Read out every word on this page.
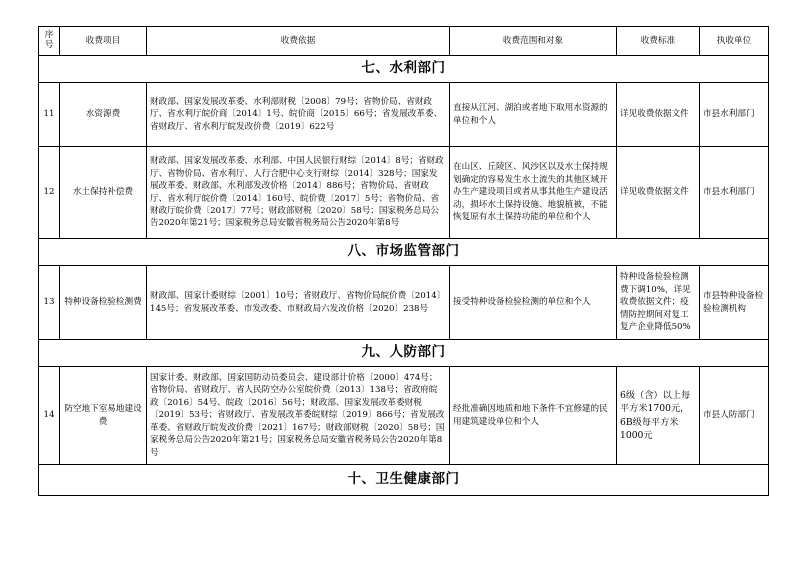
序号	收费项目	收费依据	收费范围和对象	收费标准	执收单位
七、水利部门					
11	水资源费	财政部、国家发展改革委、水利部财税〔2008〕79号；省物价局、省财政厅、省水利厅皖价商〔2014〕1号、皖价商〔2015〕66号；省发展改革委、省财政厅、省水利厅皖发改价费〔2019〕622号	直接从江河、湖泊或者地下取用水资源的单位和个人	详见收费依据文件	市县水利部门
12	水土保持补偿费	财政部、国家发展改革委、水利部、中国人民银行财综〔2014〕8号；省财政厅、省物价局、省水利厅、人行合肥中心支行财综〔2014〕328号；国家发展改革委、财政部、水利部发改价格〔2014〕886号；省物价局、省财政厅、省水利厅皖价费〔2014〕160号、皖价费〔2017〕5号；省物价局、省财政厅皖价费〔2017〕77号；财政部财税〔2020〕58号；国家税务总局公告2020年第21号；国家税务总局安徽省税务局公告2020年第8号	在山区、丘陵区、风沙区以及水土保持规划确定的容易发生水土流失的其他区域开办生产建设项目或者从事其他生产建设活动，损坏水土保持设施、地貌植被，不能恢复原有水土保持功能的单位和个人	详见收费依据文件	市县水利部门
八、市场监管部门					
13	特种设备检验检测费	财政部、国家计委财综〔2001〕10号；省财政厅、省物价局皖价费〔2014〕145号；省发展改革委、市发改委、市财政局六发改价格〔2020〕238号	接受特种设备检验检测的单位和个人	特种设备检验检测费下调10%，详见收费依据文件；疫情防控期间对复工复产企业降低50%	市县特种设备检验检测机构
九、人防部门					
14	防空地下室易地建设费	国家计委、财政部、国家国防动员委员会、建设部计价格〔2000〕474号；省物价局、省财政厅、省人民防空办公室皖价费〔2013〕138号；省政府皖政〔2016〕54号、皖政〔2016〕56号；财政部、国家发展改革委财税〔2019〕53号；省财政厅、省发展改革委皖财综〔2019〕866号；省发展改革委、省财政厅皖发改价费〔2021〕167号；财政部财税〔2020〕58号；国家税务总局公告2020年第21号；国家税务总局安徽省税务局公告2020年第8号	经批准确因地质和地下条件不宜修建的民用建筑建设单位和个人	6级（含）以上每平方米1700元，6B级每平方米1000元	市县人防部门
十、卫生健康部门					
